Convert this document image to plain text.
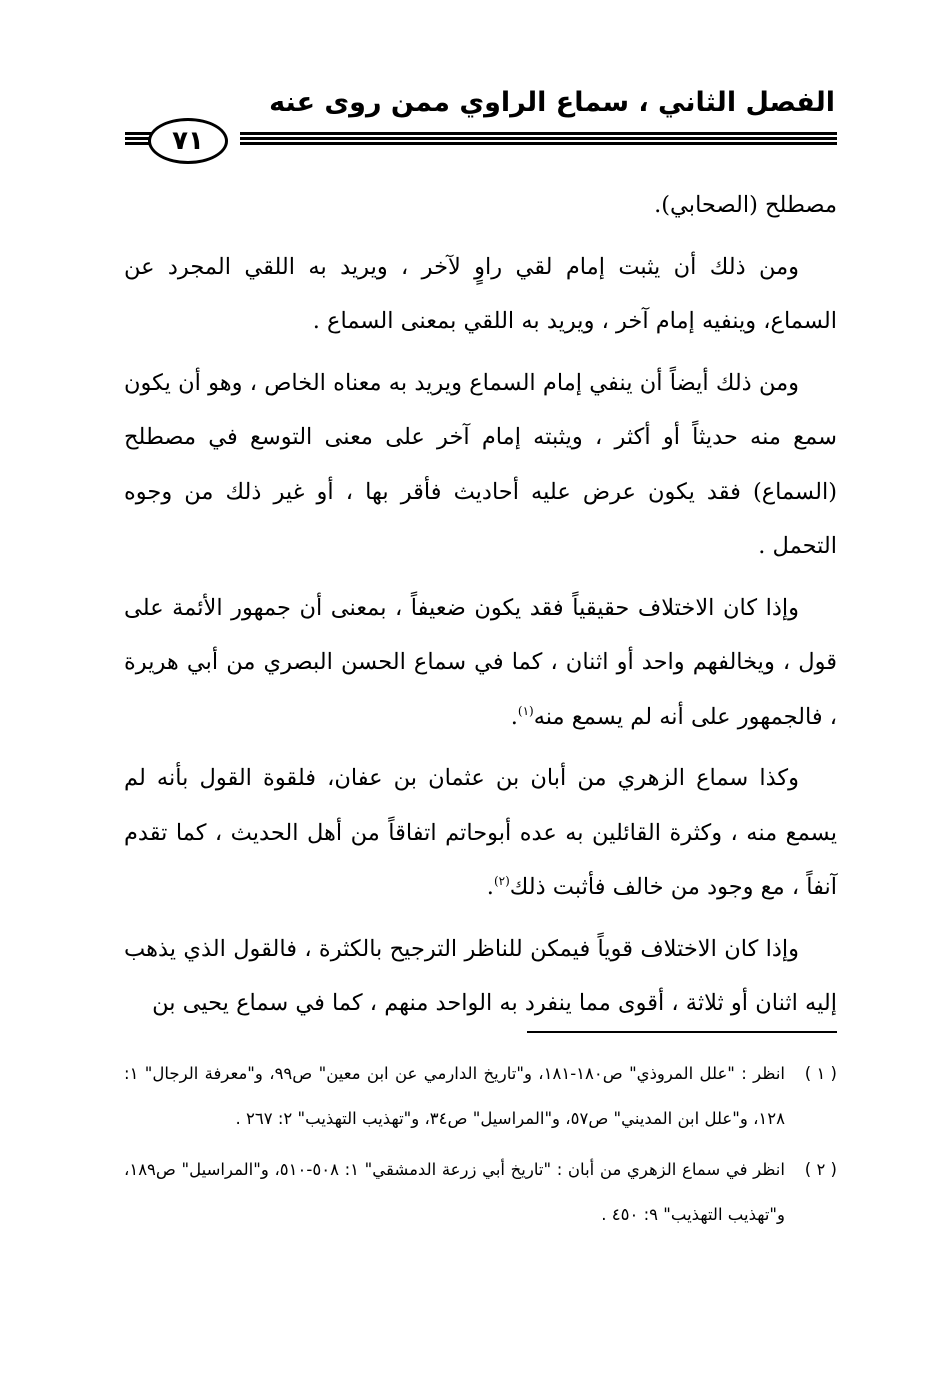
الفصل الثاني ، سماع الراوي ممن روى عنه
٧١

مصطلح (الصحابي).

ومن ذلك أن يثبت إمام لقي راوٍ لآخر ، ويريد به اللقي المجرد عن السماع، وينفيه إمام آخر ، ويريد به اللقي بمعنى السماع .

ومن ذلك أيضاً أن ينفي إمام السماع ويريد به معناه الخاص ، وهو أن يكون سمع منه حديثاً أو أكثر ، ويثبته إمام آخر على معنى التوسع في مصطلح (السماع) فقد يكون عرض عليه أحاديث فأقر بها ، أو غير ذلك من وجوه التحمل .

وإذا كان الاختلاف حقيقياً فقد يكون ضعيفاً ، بمعنى أن جمهور الأئمة على قول ، ويخالفهم واحد أو اثنان ، كما في سماع الحسن البصري من أبي هريرة ، فالجمهور على أنه لم يسمع منه$^{(١)}$.

وكذا سماع الزهري من أبان بن عثمان بن عفان، فلقوة القول بأنه لم يسمع منه ، وكثرة القائلين به عده أبوحاتم اتفاقاً من أهل الحديث ، كما تقدم آنفاً ، مع وجود من خالف فأثبت ذلك$^{(٢)}$.

وإذا كان الاختلاف قوياً فيمكن للناظر الترجيح بالكثرة ، فالقول الذي يذهب إليه اثنان أو ثلاثة ، أقوى مما ينفرد به الواحد منهم ، كما في سماع يحيى بن

( ١ )
انظر : "علل المروذي" ص١٨٠-١٨١، و"تاريخ الدارمي عن ابن معين" ص٩٩، و"معرفة الرجال" ١: ١٢٨، و"علل ابن المديني" ص٥٧، و"المراسيل" ص٣٤، و"تهذيب التهذيب" ٢: ٢٦٧ .
( ٢ )
انظر في سماع الزهري من أبان : "تاريخ أبي زرعة الدمشقي" ١: ٥٠٨-٥١٠، و"المراسيل" ص١٨٩، و"تهذيب التهذيب" ٩: ٤٥٠ .
